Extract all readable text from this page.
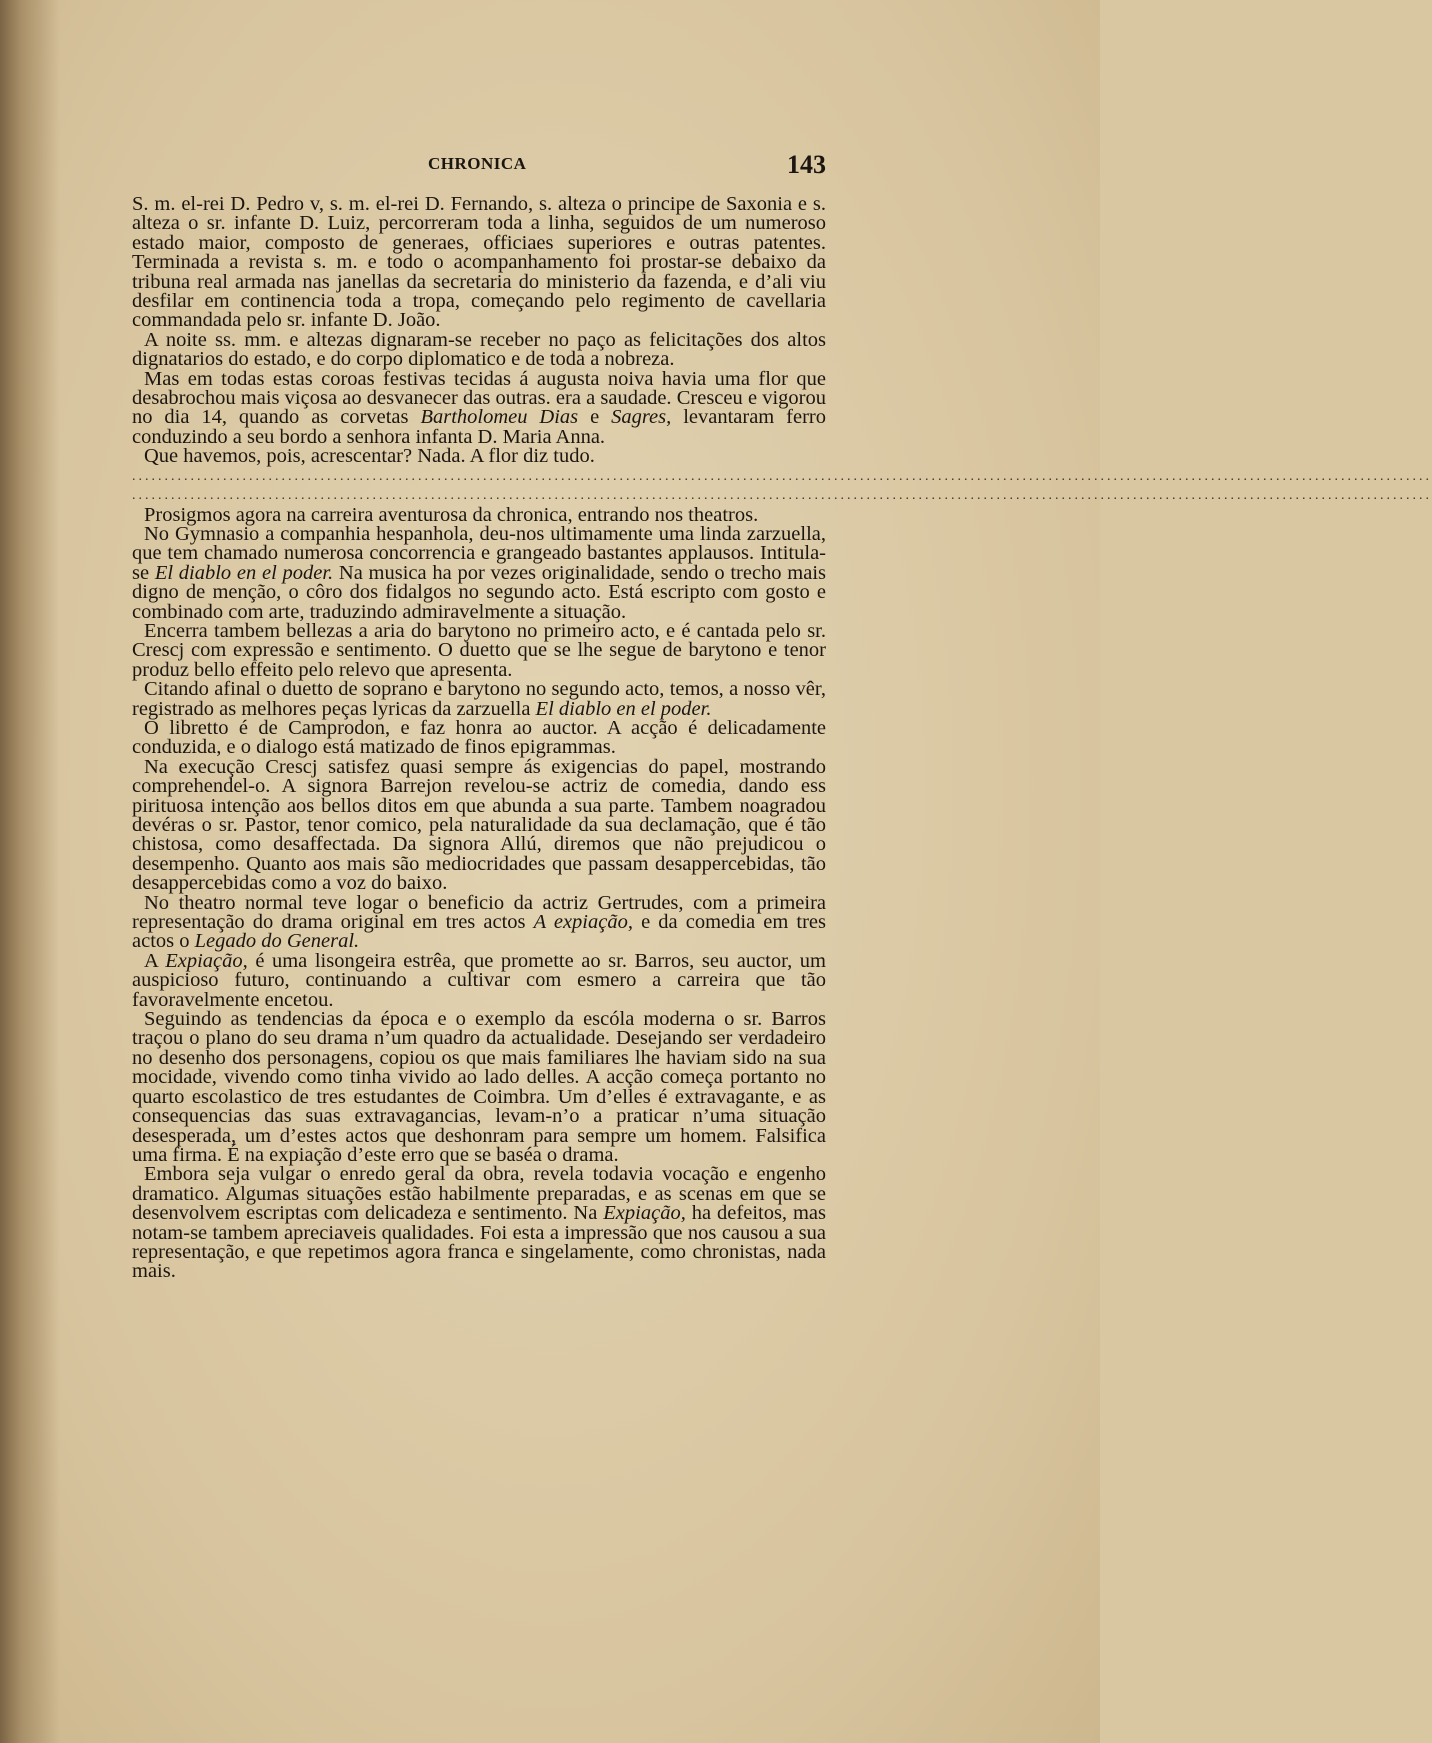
CHRONICA	143

S. m. el-rei D. Pedro v, s. m. el-rei D. Fernando, s. alteza o principe de Saxonia e s. alteza o sr. infante D. Luiz, percorreram toda a linha, seguidos de um numeroso estado maior, composto de generaes, officiaes superiores e outras patentes. Terminada a revista s. m. e todo o acompanhamento foi prostar-se debaixo da tribuna real armada nas janellas da secretaria do ministerio da fazenda, e d’ali viu desfilar em continencia toda a tropa, começando pelo regimento de cavellaria commandada pelo sr. infante D. João.

A noite ss. mm. e altezas dignaram-se receber no paço as felicitações dos altos dignatarios do estado, e do corpo diplomatico e de toda a nobreza.

Mas em todas estas coroas festivas tecidas á augusta noiva havia uma flor que desabrochou mais viçosa ao desvanecer das outras. era a saudade. Cresceu e vigorou no dia 14, quando as corvetas Bartholomeu Dias e Sagres, levantaram ferro conduzindo a seu bordo a senhora infanta D. Maria Anna.

Que havemos, pois, acrescentar? Nada. A flor diz tudo.

........................................................................................................................................................................................................
........................................................................................................................................................................................................

Prosigmos agora na carreira aventurosa da chronica, entrando nos theatros.

No Gymnasio a companhia hespanhola, deu-nos ultimamente uma linda zarzuella, que tem chamado numerosa concorrencia e grangeado bastantes applausos. Intitula-se El diablo en el poder. Na musica ha por vezes originalidade, sendo o trecho mais digno de menção, o côro dos fidalgos no segundo acto. Está escripto com gosto e combinado com arte, traduzindo admiravelmente a situação.

Encerra tambem bellezas a aria do barytono no primeiro acto, e é cantada pelo sr. Crescj com expressão e sentimento. O duetto que se lhe segue de barytono e tenor produz bello effeito pelo relevo que apresenta.

Citando afinal o duetto de soprano e barytono no segundo acto, temos, a nosso vêr, registrado as melhores peças lyricas da zarzuella El diablo en el poder.

O libretto é de Camprodon, e faz honra ao auctor. A acção é delicadamente conduzida, e o dialogo está matizado de finos epigrammas.

Na execução Crescj satisfez quasi sempre ás exigencias do papel, mostrando comprehendel-o. A signora Barrejon revelou-se actriz de comedia, dando ess pirituosa intenção aos bellos ditos em que abunda a sua parte. Tambem noagradou devéras o sr. Pastor, tenor comico, pela naturalidade da sua declamação, que é tão chistosa, como desaffectada. Da signora Allú, diremos que não prejudicou o desempenho. Quanto aos mais são mediocridades que passam desappercebidas, tão desappercebidas como a voz do baixo.

No theatro normal teve logar o beneficio da actriz Gertrudes, com a primeira representação do drama original em tres actos A expiação, e da comedia em tres actos o Legado do General.

A Expiação, é uma lisongeira estrêa, que promette ao sr. Barros, seu auctor, um auspicioso futuro, continuando a cultivar com esmero a carreira que tão favoravelmente encetou.

Seguindo as tendencias da época e o exemplo da escóla moderna o sr. Barros traçou o plano do seu drama n’um quadro da actualidade. Desejando ser verdadeiro no desenho dos personagens, copiou os que mais familiares lhe haviam sido na sua mocidade, vivendo como tinha vivido ao lado delles. A acção começa portanto no quarto escolastico de tres estudantes de Coimbra. Um d’elles é extravagante, e as consequencias das suas extravagancias, levam-n’o a praticar n’uma situação desesperada, um d’estes actos que deshonram para sempre um homem. Falsifica uma firma. É na expiação d’este erro que se baséa o drama.

Embora seja vulgar o enredo geral da obra, revela todavia vocação e engenho dramatico. Algumas situações estão habilmente preparadas, e as scenas em que se desenvolvem escriptas com delicadeza e sentimento. Na Expiação, ha defeitos, mas notam-se tambem apreciaveis qualidades. Foi esta a impressão que nos causou a sua representação, e que repetimos agora franca e singelamente, como chronistas, nada mais.
